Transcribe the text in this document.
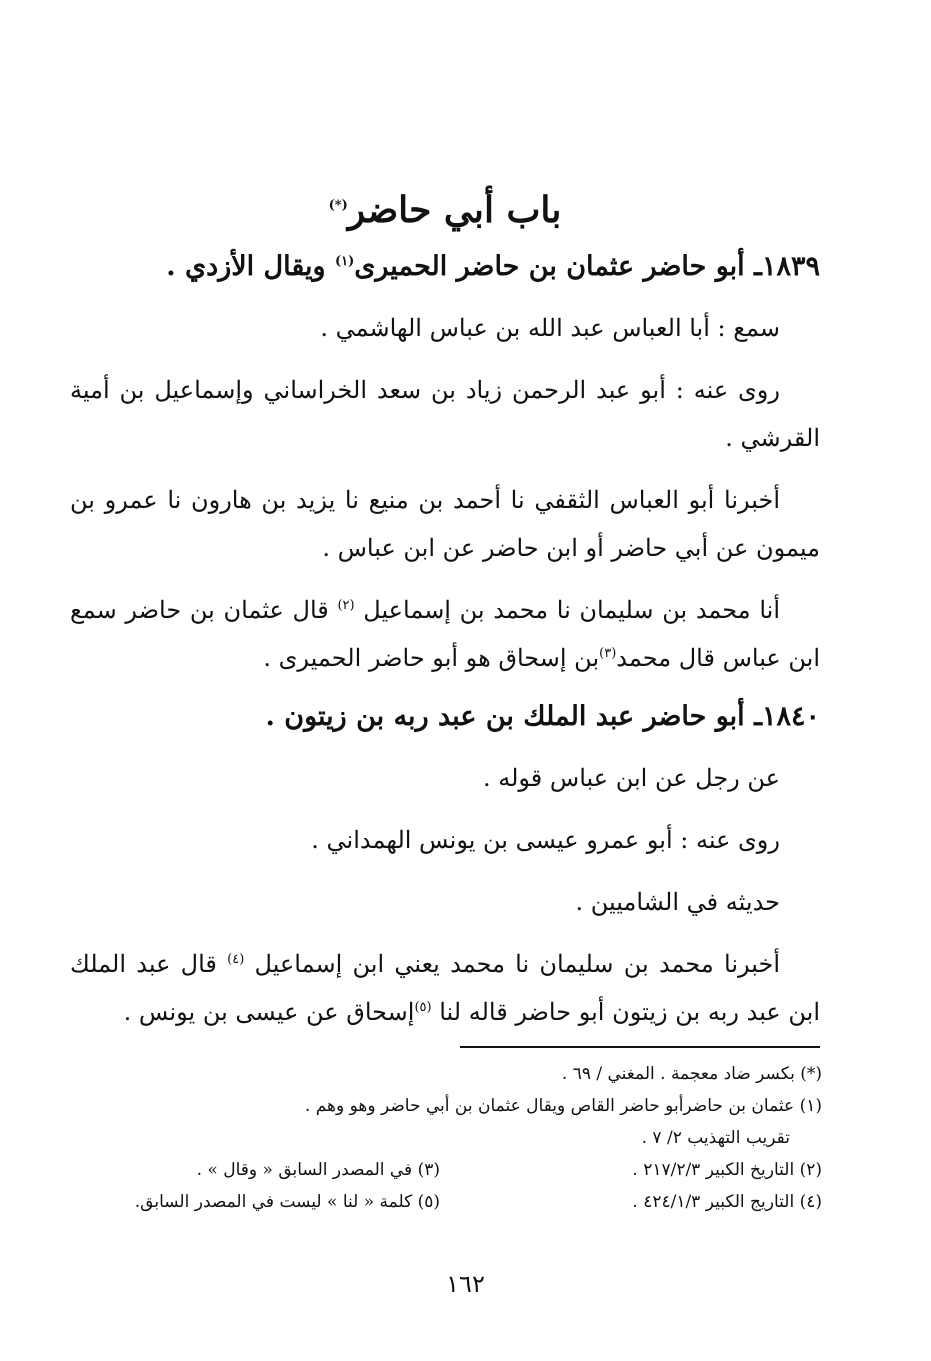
باب أبي حاضر(*)
١٨٣٩ـ أبو حاضر عثمان بن حاضر الحميرى$^{(١)}$ ويقال الأزدي .

سمع : أبا العباس عبد الله بن عباس الهاشمي .

روى عنه : أبو عبد الرحمن زياد بن سعد الخراساني وإسماعيل بن أمية القرشي .

أخبرنا أبو العباس الثقفي نا أحمد بن منيع نا يزيد بن هارون نا عمرو بن ميمون عن أبي حاضر أو ابن حاضر عن ابن عباس .

أنا محمد بن سليمان نا محمد بن إسماعيل $^{(٢)}$ قال عثمان بن حاضر سمع ابن عباس قال محمد$^{(٣)}$بن إسحاق هو أبو حاضر الحميرى .

١٨٤٠ـ أبو حاضر عبد الملك بن عبد ربه بن زيتون .

عن رجل عن ابن عباس قوله .

روى عنه : أبو عمرو عيسى بن يونس الهمداني .

حديثه في الشاميين .

أخبرنا محمد بن سليمان نا محمد يعني ابن إسماعيل $^{(٤)}$ قال عبد الملك ابن عبد ربه بن زيتون أبو حاضر قاله لنا $^{(٥)}$إسحاق عن عيسى بن يونس .

(*) بكسر ضاد معجمة . المغني / ٦٩ .

(١) عثمان بن حاضرأبو حاضر القاص ويقال عثمان بن أبي حاضر وهو وهم .

تقريب التهذيب ٢/ ٧ .

(٢) التاريخ الكبير ٢١٧/٢/٣ .
(٣) في المصدر السابق « وقال » .
(٤) التاريج الكبير ٤٢٤/١/٣ .
(٥) كلمة « لنا » ليست في المصدر السابق.
١٦٢
